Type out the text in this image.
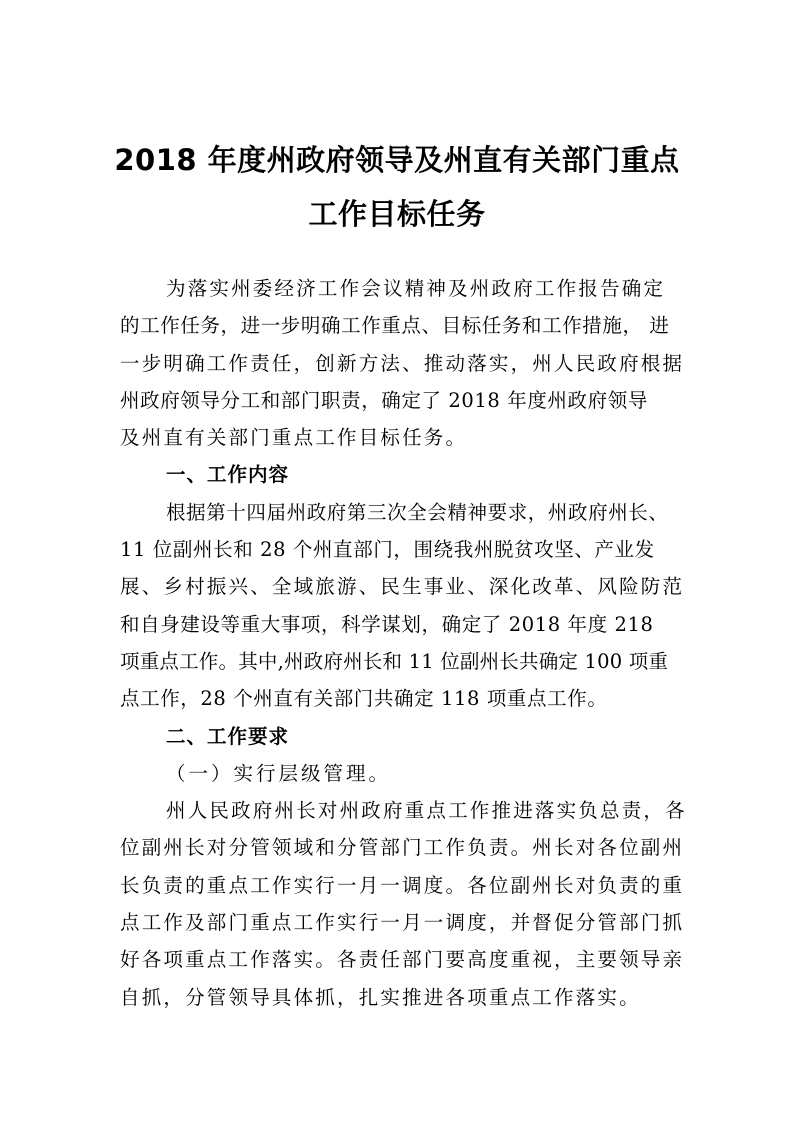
2018 年度州政府领导及州直有关部门重点
工作目标任务
为落实州委经济工作会议精神及州政府工作报告确定
的工作任务，进一步明确工作重点、目标任务和工作措施， 进
一步明确工作责任，创新方法、推动落实，州人民政府根据
州政府领导分工和部门职责，确定了 2018 年度州政府领导
及州直有关部门重点工作目标任务。
一、工作内容
根据第十四届州政府第三次全会精神要求，州政府州长、
11 位副州长和 28 个州直部门，围绕我州脱贫攻坚、产业发
展、乡村振兴、全域旅游、民生事业、深化改革、风险防范
和自身建设等重大事项，科学谋划，确定了 2018 年度 218
项重点工作。其中,州政府州长和 11 位副州长共确定 100 项重
点工作，28 个州直有关部门共确定 118 项重点工作。
二、工作要求
（一）实行层级管理。
州人民政府州长对州政府重点工作推进落实负总责，各
位副州长对分管领域和分管部门工作负责。州长对各位副州
长负责的重点工作实行一月一调度。各位副州长对负责的重
点工作及部门重点工作实行一月一调度，并督促分管部门抓
好各项重点工作落实。各责任部门要高度重视，主要领导亲
自抓，分管领导具体抓，扎实推进各项重点工作落实。
